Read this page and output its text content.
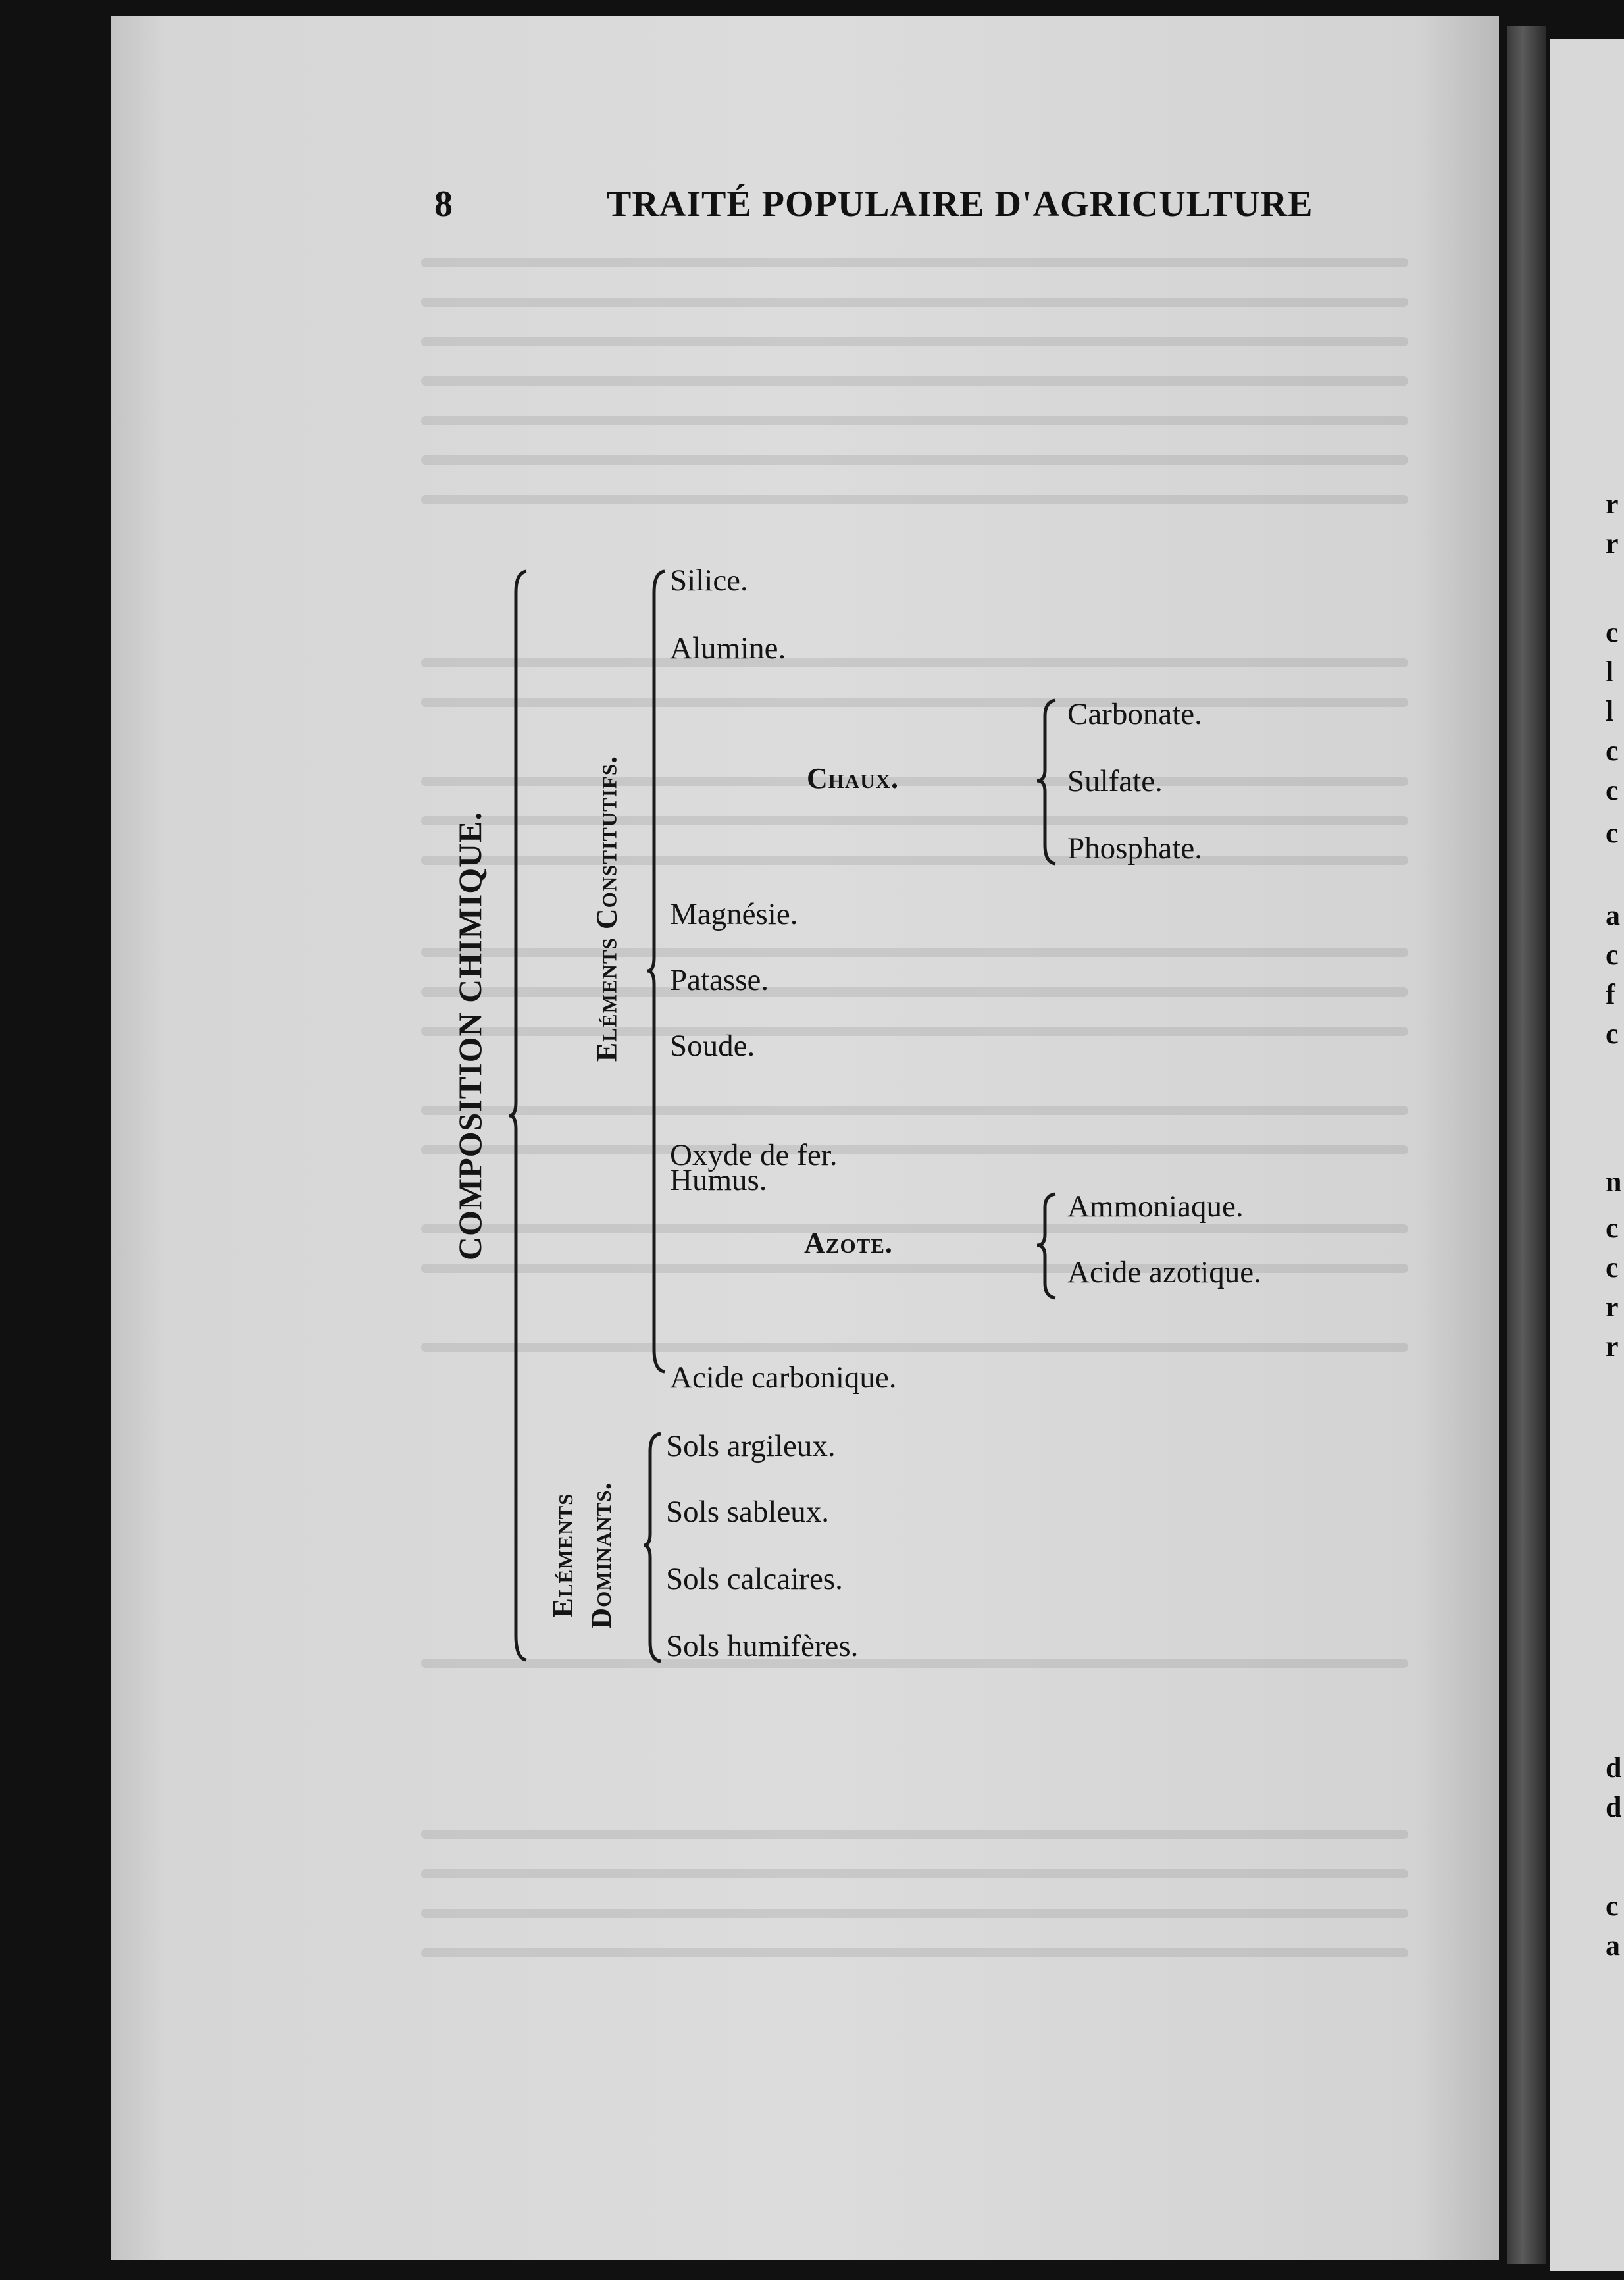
8	TRAITÉ POPULAIRE D'AGRICULTURE
COMPOSITION CHIMIQUE.	Eléments Constitutifs.
Eléments Dominants.
Silice.
Alumine.
Chaux.
Carbonate.
Sulfate.
Phosphate.
Magnésie.
Patasse.
Soude.
Oxyde de fer.
Humus.
Azote.
Ammoniaque.
Acide azotique.
Acide carbonique.
Sols argileux.
Sols sableux.
Sols calcaires.
Sols humifères.
r
r
c
l
l
c
c
c
a
c
f
c
n
c
c
r
r
d
d
c
a
